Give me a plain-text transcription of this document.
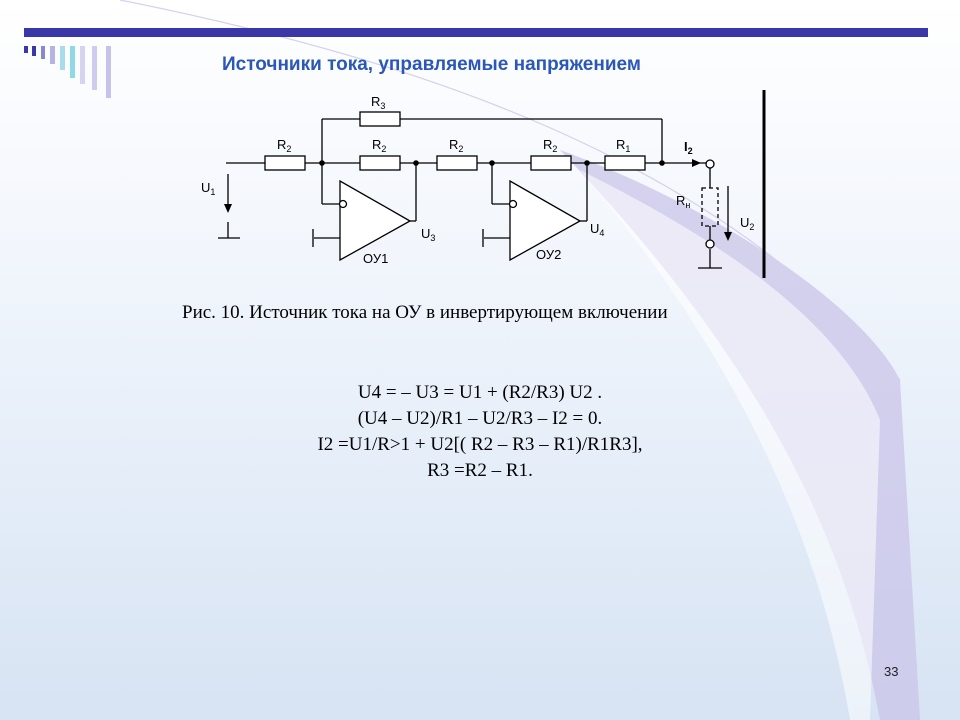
Источники тока, управляемые напряжением
$R_3$
$R_2$	$R_2$	$R_2$	$R_2$	$R_1$	$I_2$
$U_1$
$U_3$
$U_4$
$U_2$
$R_н$
ОУ1	ОУ2

Рис. 10. Источник тока на ОУ в инвертирующем включении

U4 = – U3 = U1 + (R2/R3) U2 .
(U4 – U2)/R1 – U2/R3 – I2 = 0.
I2 =U1/R>1 + U2[( R2 – R3 – R1)/R1R3],
R3 =R2 – R1.
33
